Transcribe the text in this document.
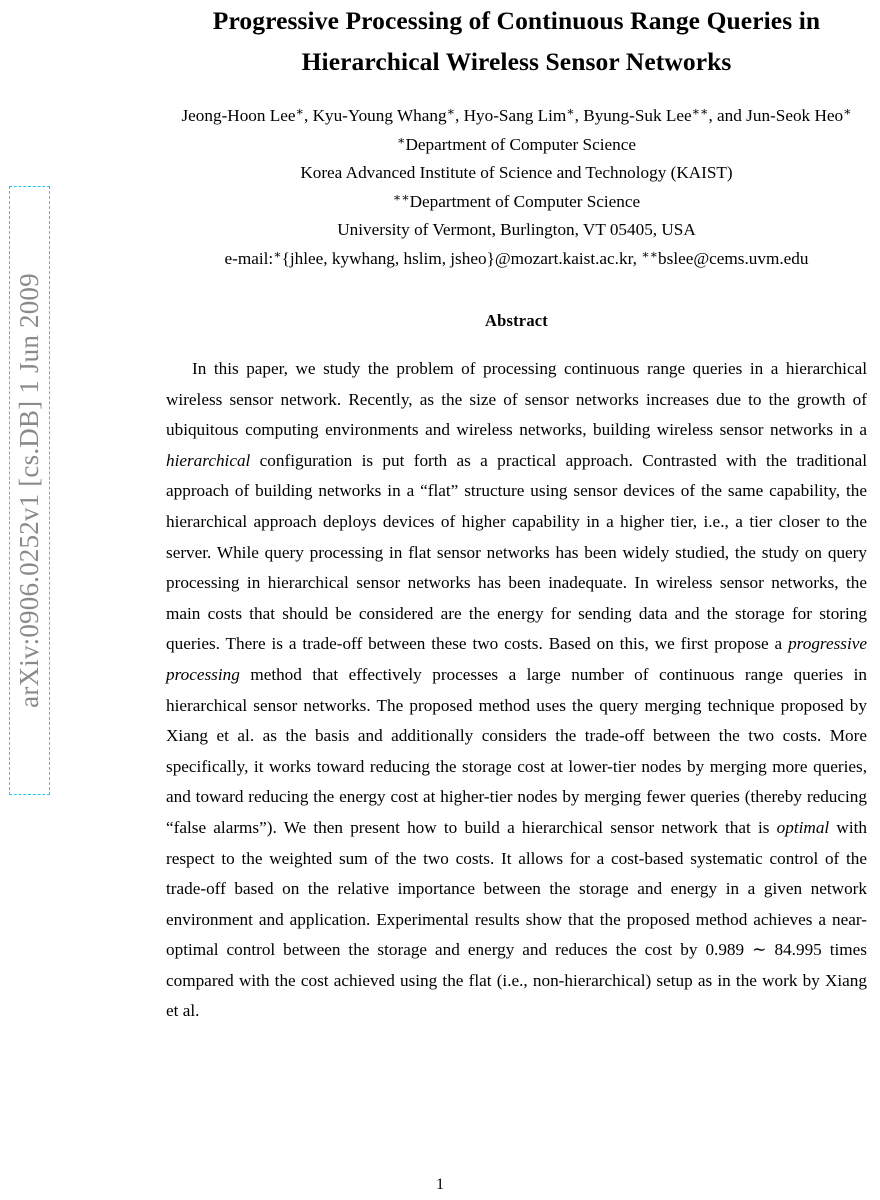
arXiv:0906.0252v1 [cs.DB] 1 Jun 2009
Progressive Processing of Continuous Range Queries in
Hierarchical Wireless Sensor Networks
Jeong-Hoon Lee∗, Kyu-Young Whang∗, Hyo-Sang Lim∗, Byung-Suk Lee∗∗, and Jun-Seok Heo∗
∗Department of Computer Science
Korea Advanced Institute of Science and Technology (KAIST)
∗∗Department of Computer Science
University of Vermont, Burlington, VT 05405, USA
e-mail:∗{jhlee, kywhang, hslim, jsheo}@mozart.kaist.ac.kr, ∗∗bslee@cems.uvm.edu
Abstract

In this paper, we study the problem of processing continuous range queries in a hierarchical wireless sensor network. Recently, as the size of sensor networks increases due to the growth of ubiquitous computing environments and wireless networks, building wireless sensor networks in a hierarchical configuration is put forth as a practical approach. Contrasted with the traditional approach of building networks in a “flat” structure using sensor devices of the same capability, the hierarchical approach deploys devices of higher capability in a higher tier, i.e., a tier closer to the server. While query processing in flat sensor networks has been widely studied, the study on query processing in hierarchical sensor networks has been inadequate. In wireless sensor networks, the main costs that should be considered are the energy for sending data and the storage for storing queries. There is a trade-off between these two costs. Based on this, we first propose a progressive processing method that effectively processes a large number of continuous range queries in hierarchical sensor networks. The proposed method uses the query merging technique proposed by Xiang et al. as the basis and additionally considers the trade-off between the two costs. More specifically, it works toward reducing the storage cost at lower-tier nodes by merging more queries, and toward reducing the energy cost at higher-tier nodes by merging fewer queries (thereby reducing “false alarms”). We then present how to build a hierarchical sensor network that is optimal with respect to the weighted sum of the two costs. It allows for a cost-based systematic control of the trade-off based on the relative importance between the storage and energy in a given network environment and application. Experimental results show that the proposed method achieves a near-optimal control between the storage and energy and reduces the cost by 0.989 ∼ 84.995 times compared with the cost achieved using the flat (i.e., non-hierarchical) setup as in the work by Xiang et al.

1
